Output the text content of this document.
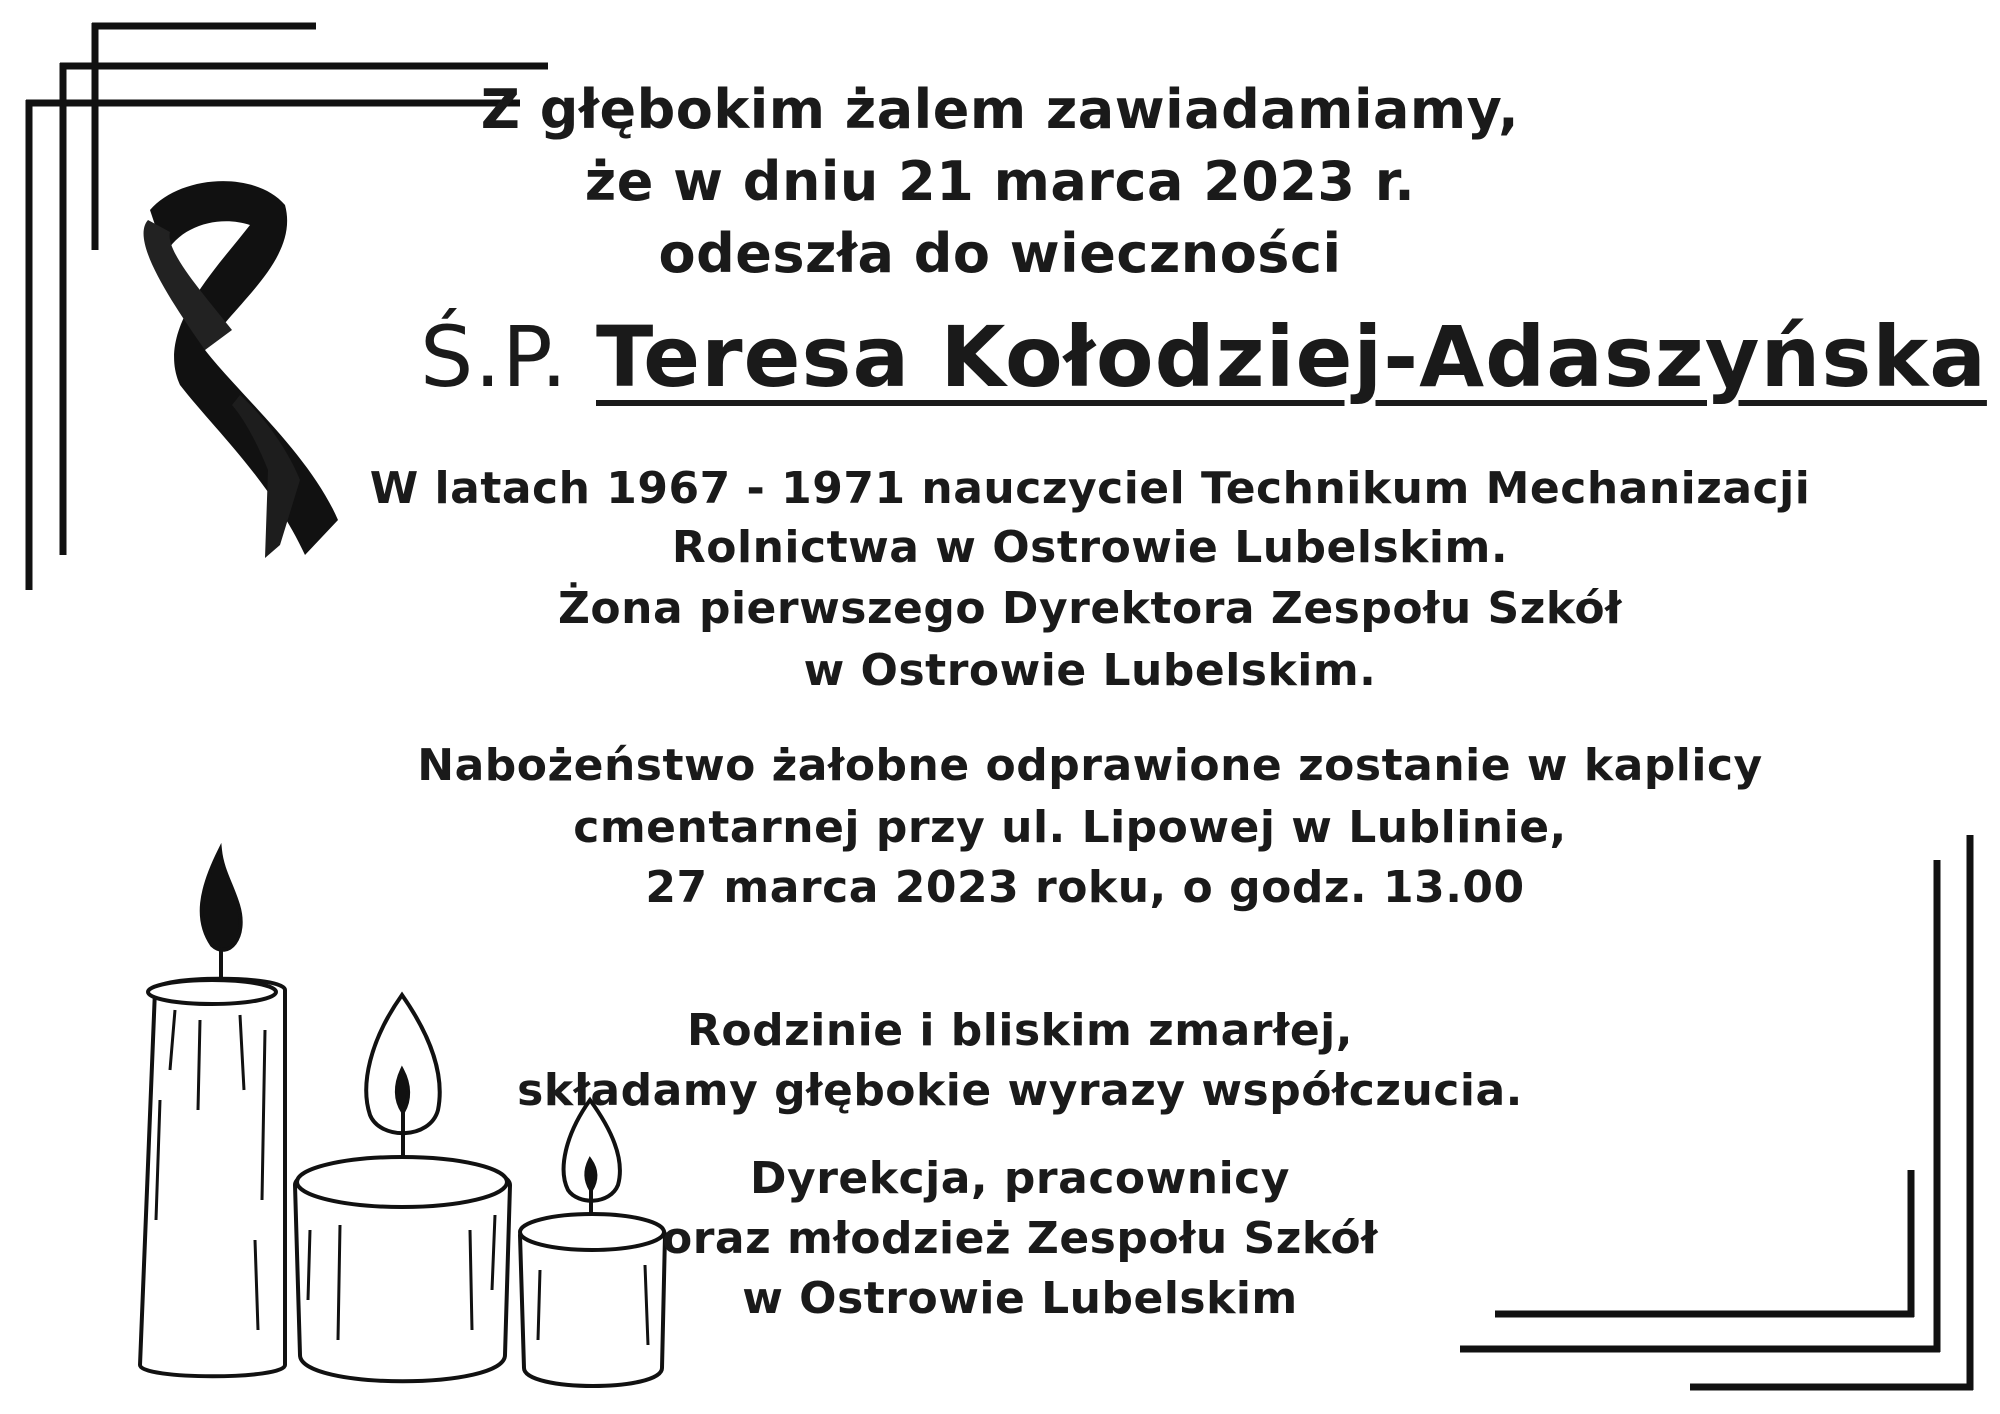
Z głębokim żalem zawiadamiamy,
że w dniu 21 marca 2023 r.
odeszła do wieczności
Ś.P. Teresa Kołodziej-Adaszyńska
W latach 1967 - 1971 nauczyciel Technikum Mechanizacji
Rolnictwa w Ostrowie Lubelskim.
Żona pierwszego Dyrektora Zespołu Szkół
w Ostrowie Lubelskim.
Nabożeństwo żałobne odprawione zostanie w kaplicy
cmentarnej przy ul. Lipowej w Lublinie,
27 marca 2023 roku, o godz. 13.00
Rodzinie i bliskim zmarłej,
składamy głębokie wyrazy współczucia.
Dyrekcja, pracownicy
oraz młodzież Zespołu Szkół
w Ostrowie Lubelskim
